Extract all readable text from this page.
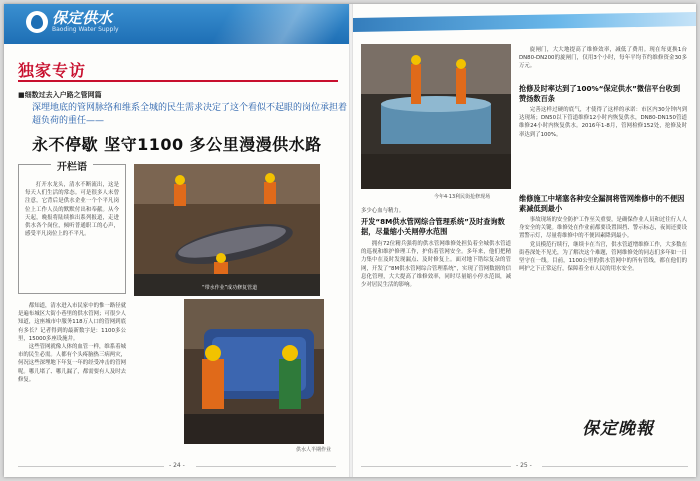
保定供水
Baoding Water Supply
独家专访
■细数过去入户路之管网篇
深埋地底的管网脉络和维系全城的民生需求决定了这个看似不起眼的岗位承担着超负荷的重任——
永不停歇 坚守1100 多公里漫漫供水路
开栏语

打开水龙头，清水不断流出，这是每天人们生活的常态。可是很多人未曾注意，它背后是供水企业一个个平凡岗位上工作人员的默默付出和奉献。从今天起，晚报将陆续推出系列报道，走进供水各个岗位，倾听普通职工的心声，感受平凡岗位上的不平凡。

都知道，清水进入市民家中的惟一路径就是遍布城区大街小巷里的供水管网；可很少人知道，这座城市中服务118万人口的管网到底有多长？记者得到的最新数字是：1100多公里，15000多座设施井。

这些管网就像人体的血管一样，维系着城市的民生必需。人都有个头疼脑热三病两灾，何况这些深埋地下年复一年的经受冲击的管网呢。哪儿堵了、哪儿漏了，都需要有人及时去修复。

“带水作业”成功修复管道
供水人半期作业
- 24 -
今年4·13利民街抢修现场

多少心血与精力。

开发“8M供水管网综合管理系统”及时查询数据，尽量缩小关闸停水范围

拥有72位精兵强将的供水管网维修处担负着全城供水管道的巡视和维护修理工作，护佑着管网安全。多年来，他们把精力集中在及时发现漏点、及时修复上。面对地下错综复杂的管网，开发了“8M供水管网综合管理系统”，实现了管网数据的信息化管理，大大提高了维修效率，同时尽量缩小停水范围，减少对居民生活的影响。

旋闸门，大大地提高了维修效率，减低了费用。现在每更换1台DN80-DN200的旋闸门，仅用3个小时，每年平均节约维修资金30多万元。

抢修及时率达到了100%“保定供水”微信平台收到赞扬数百条

完善这样过硬的底气，才使得了这样的承诺：市区内30分钟内到达现场；DN50以下管道维修12小时内恢复供水，DN80-DN150管道维修24小时内恢复供水。2016年1-8月，管网检修152处，抢修及时率达到了100%。

维修施工中堵塞各种安全漏洞将管网维修中的不便因素减低到最小

事故现场的安全防护工作至关重要，是确保作业人员和过往行人人身安全的关键。维修处在作业前都要设置围挡、警示标志，夜间还要设置警示灯，尽量将维修中的不便因素降到最小。

党员模范行续行，继续卡在当官，供水管道增维修工作，大多数在街巷深处不见光，为了解决这个难题，管网维修处的同志们多年如一日坚守在一线。目前，1100公里的供水管网中的所有管线，都在他们的呵护之下正常运行，保障着全市人民的用水安全。

保定晚報
- 25 -
